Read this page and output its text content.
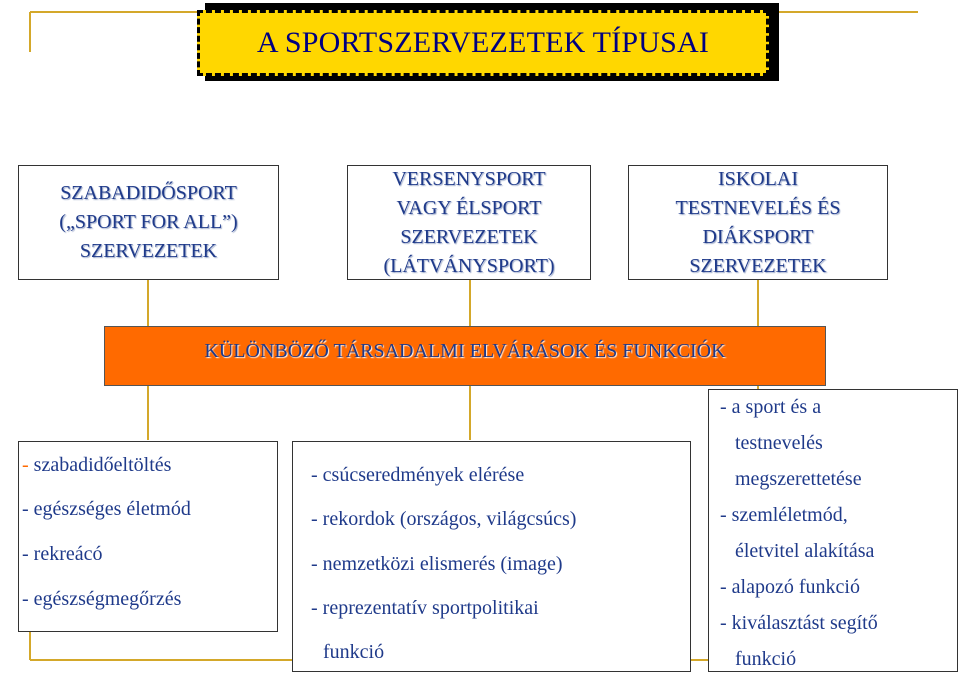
A SPORTSZERVEZETEK TÍPUSAI
SZABADIDŐSPORT
(„SPORT FOR ALL”)
SZERVEZETEK
VERSENYSPORT
VAGY ÉLSPORT
SZERVEZETEK
(LÁTVÁNYSPORT)
ISKOLAI
TESTNEVELÉS ÉS
DIÁKSPORT
SZERVEZETEK
KÜLÖNBÖZŐ TÁRSADALMI ELVÁRÁSOK ÉS FUNKCIÓK
- szabadidőeltöltés
- egészséges életmód
- rekreácó
- egészségmegőrzés
- csúcseredmények elérése
- rekordok (országos, világcsúcs)
- nemzetközi elismerés (image)
- reprezentatív sportpolitikai
funkció
- a sport és a
testnevelés
megszerettetése
- szemléletmód,
életvitel alakítása
- alapozó funkció
- kiválasztást segítő
funkció
